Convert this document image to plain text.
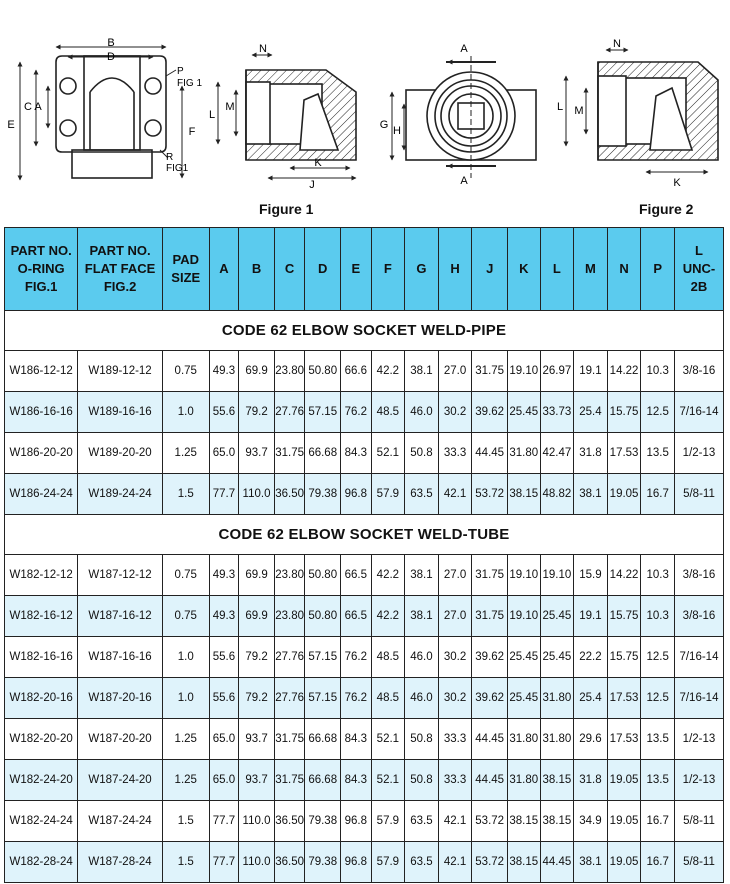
B
D
P
FIG 1
A
C
E
F
R
FIG1
N
L
M
K
J
A
A
G H
N
L M
K
Figure 1	Figure 2
PART NO.
O-RING
FIG.1	PART NO.
FLAT FACE
FIG.2	PAD
SIZE	A	B	C	D	E	F	G	H	J	K	L	M	N	P	L
UNC-2B
CODE 62 ELBOW SOCKET WELD-PIPE																	
W186-12-12	W189-12-12	0.75	49.3	69.9	23.80	50.80	66.6	42.2	38.1	27.0	31.75	19.10	26.97	19.1	14.22	10.3	3/8-16
W186-16-16	W189-16-16	1.0	55.6	79.2	27.76	57.15	76.2	48.5	46.0	30.2	39.62	25.45	33.73	25.4	15.75	12.5	7/16-14
W186-20-20	W189-20-20	1.25	65.0	93.7	31.75	66.68	84.3	52.1	50.8	33.3	44.45	31.80	42.47	31.8	17.53	13.5	1/2-13
W186-24-24	W189-24-24	1.5	77.7	110.0	36.50	79.38	96.8	57.9	63.5	42.1	53.72	38.15	48.82	38.1	19.05	16.7	5/8-11
CODE 62 ELBOW SOCKET WELD-TUBE																	
W182-12-12	W187-12-12	0.75	49.3	69.9	23.80	50.80	66.5	42.2	38.1	27.0	31.75	19.10	19.10	15.9	14.22	10.3	3/8-16
W182-16-12	W187-16-12	0.75	49.3	69.9	23.80	50.80	66.5	42.2	38.1	27.0	31.75	19.10	25.45	19.1	15.75	10.3	3/8-16
W182-16-16	W187-16-16	1.0	55.6	79.2	27.76	57.15	76.2	48.5	46.0	30.2	39.62	25.45	25.45	22.2	15.75	12.5	7/16-14
W182-20-16	W187-20-16	1.0	55.6	79.2	27.76	57.15	76.2	48.5	46.0	30.2	39.62	25.45	31.80	25.4	17.53	12.5	7/16-14
W182-20-20	W187-20-20	1.25	65.0	93.7	31.75	66.68	84.3	52.1	50.8	33.3	44.45	31.80	31.80	29.6	17.53	13.5	1/2-13
W182-24-20	W187-24-20	1.25	65.0	93.7	31.75	66.68	84.3	52.1	50.8	33.3	44.45	31.80	38.15	31.8	19.05	13.5	1/2-13
W182-24-24	W187-24-24	1.5	77.7	110.0	36.50	79.38	96.8	57.9	63.5	42.1	53.72	38.15	38.15	34.9	19.05	16.7	5/8-11
W182-28-24	W187-28-24	1.5	77.7	110.0	36.50	79.38	96.8	57.9	63.5	42.1	53.72	38.15	44.45	38.1	19.05	16.7	5/8-11
